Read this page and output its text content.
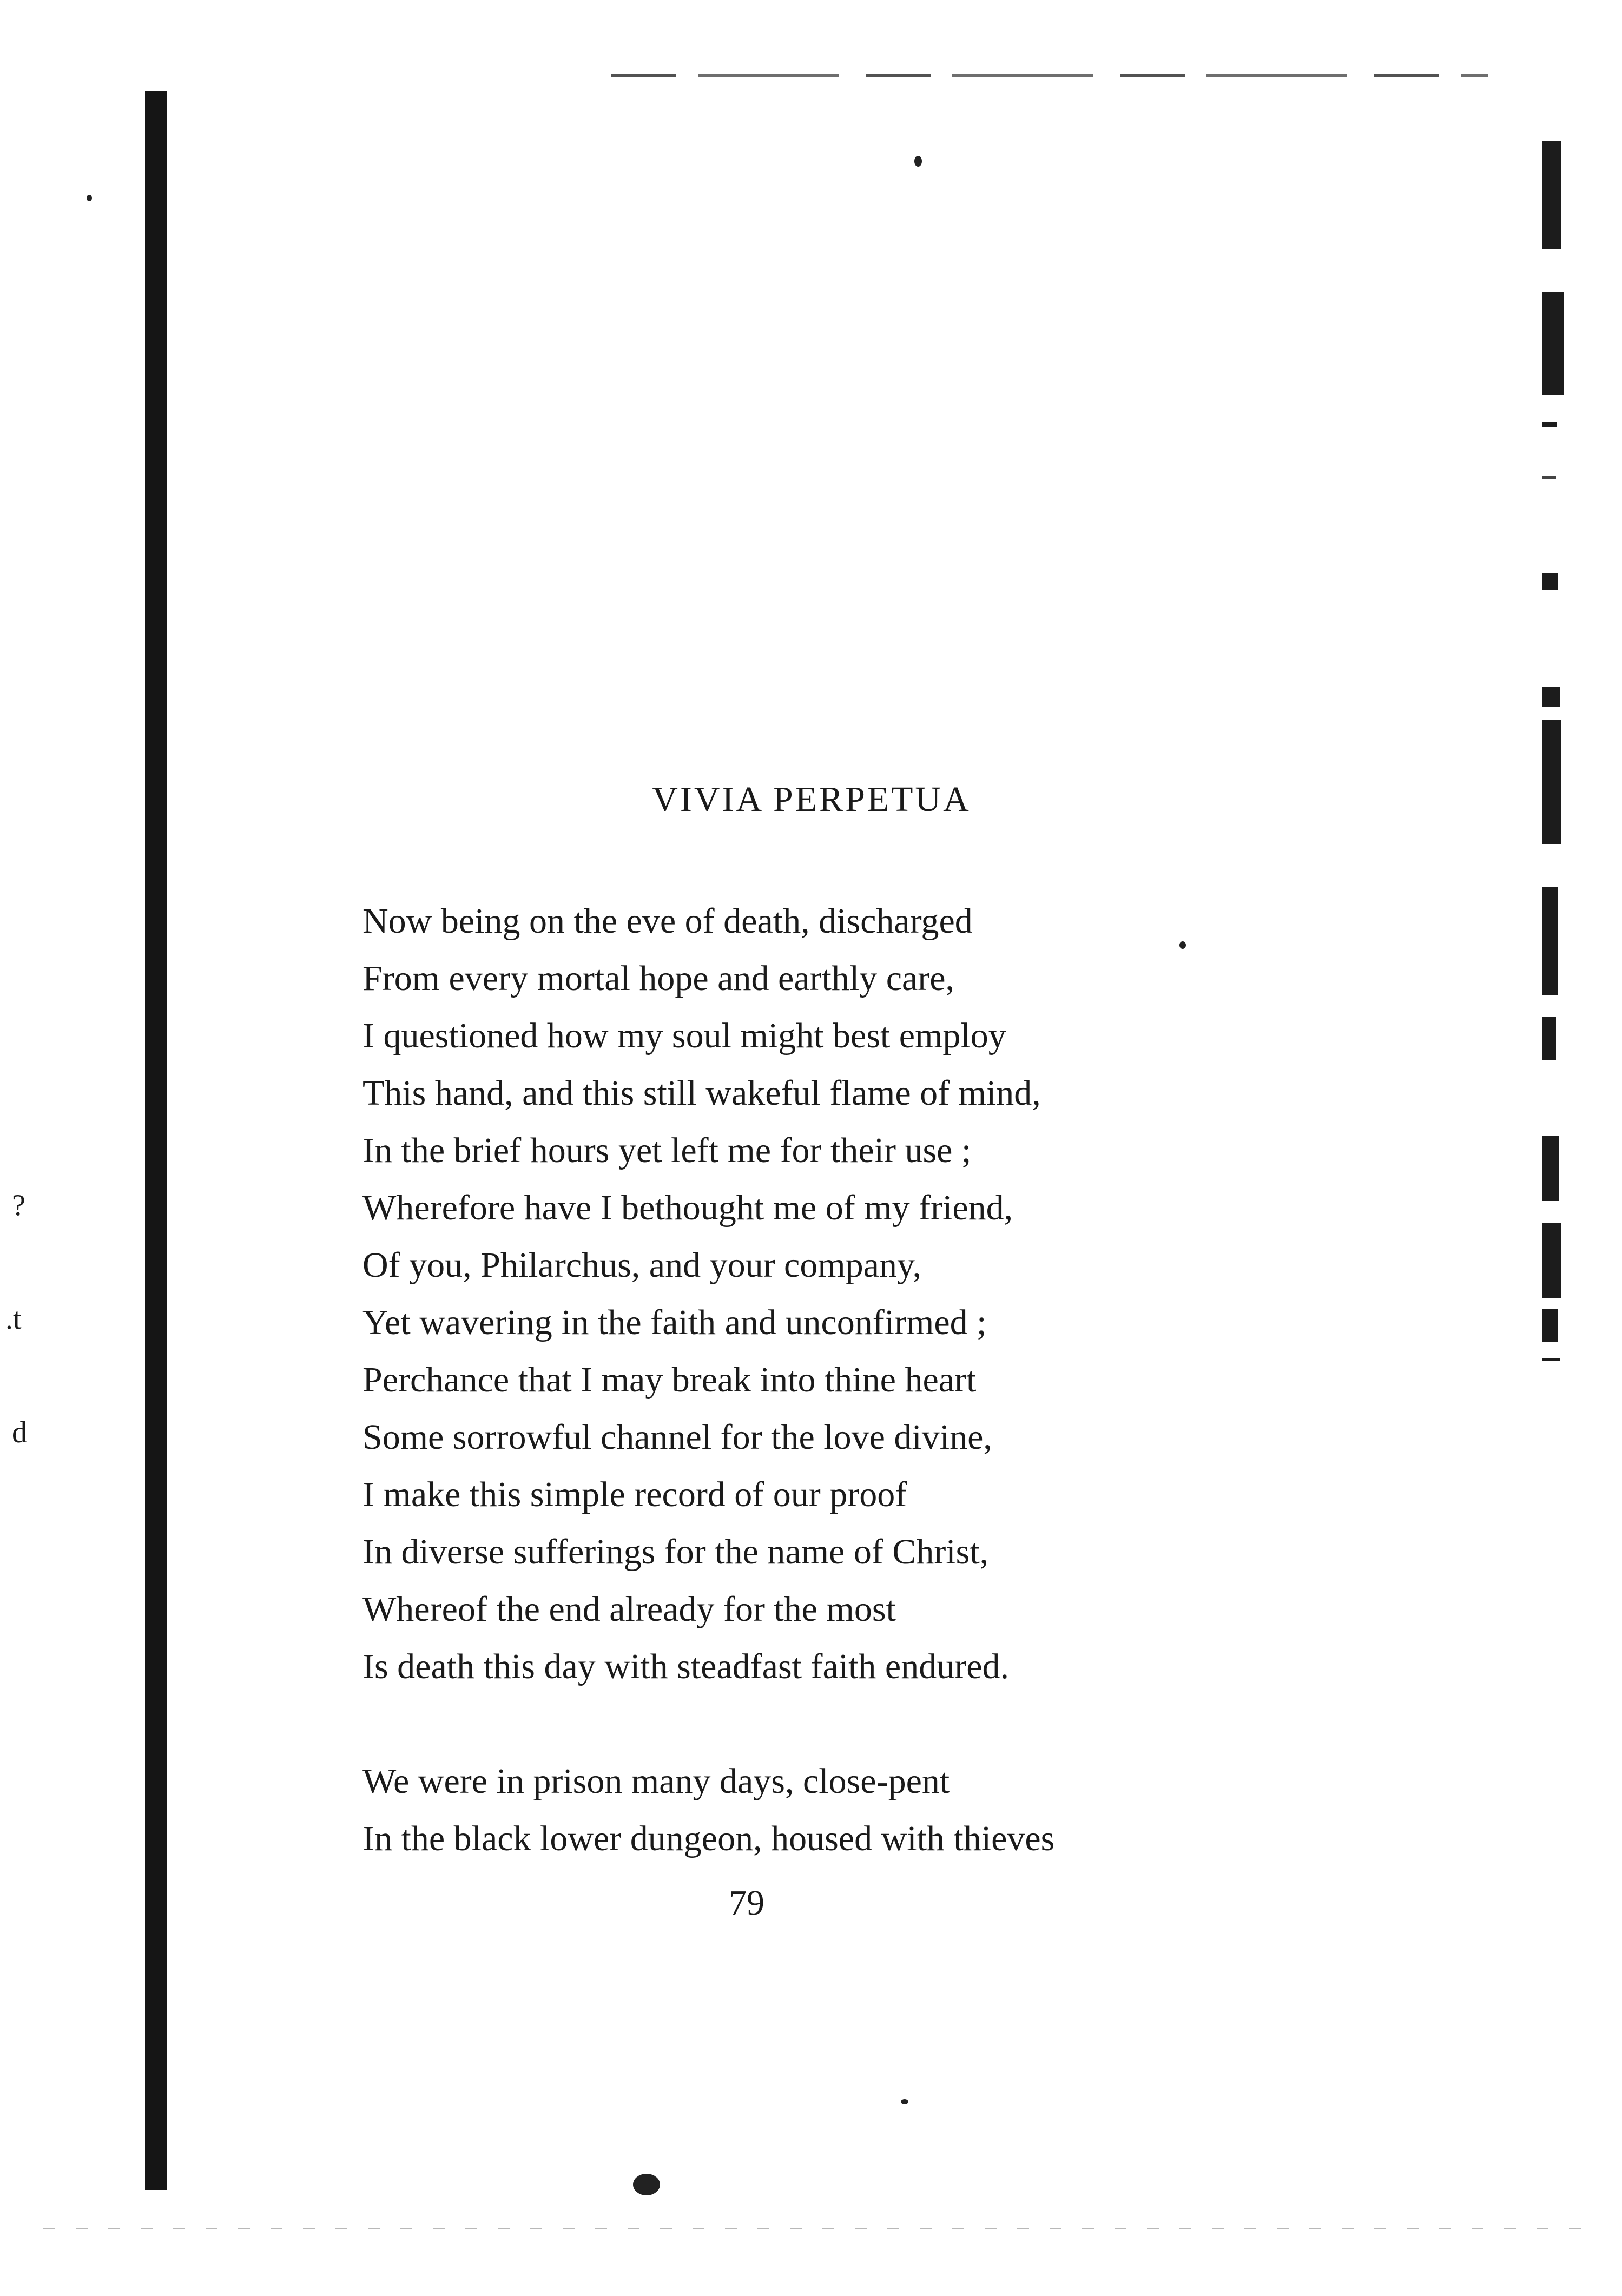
?
.t
d
VIVIA PERPETUA

Now being on the eve of death, discharged
From every mortal hope and earthly care,
I questioned how my soul might best employ
This hand, and this still wakeful flame of mind,
In the brief hours yet left me for their use ;
Wherefore have I bethought me of my friend,
Of you, Philarchus, and your company,
Yet wavering in the faith and unconfirmed ;
Perchance that I may break into thine heart
Some sorrowful channel for the love divine,
I make this simple record of our proof
In diverse sufferings for the name of Christ,
Whereof the end already for the most
Is death this day with steadfast faith endured.

We were in prison many days, close-pent
In the black lower dungeon, housed with thieves

79
